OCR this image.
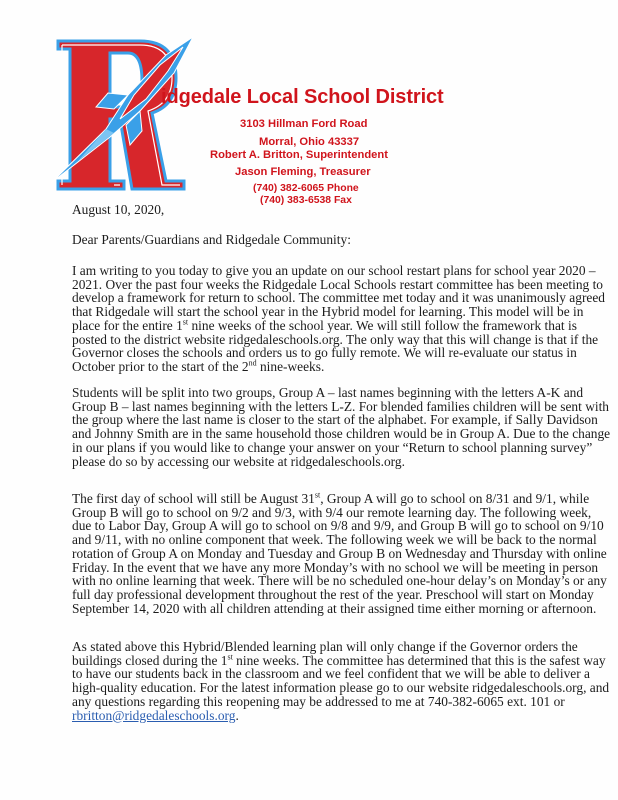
idgedale Local School District
3103 Hillman Ford Road
Morral, Ohio 43337
Robert A. Britton, Superintendent
Jason Fleming, Treasurer
(740) 382-6065 Phone
(740) 383-6538 Fax
August 10, 2020,
Dear Parents/Guardians and Ridgedale Community:

I am writing to you today to give you an update on our school restart plans for school year 2020 – 2021. Over the past four weeks the Ridgedale Local Schools restart committee has been meeting to develop a framework for return to school. The committee met today and it was unanimously agreed that Ridgedale will start the school year in the Hybrid model for learning. This model will be in place for the entire 1st nine weeks of the school year. We will still follow the framework that is posted to the district website ridgedaleschools.org. The only way that this will change is that if the Governor closes the schools and orders us to go fully remote. We will re-evaluate our status in October prior to the start of the 2nd nine-weeks.

Students will be split into two groups, Group A – last names beginning with the letters A-K and Group B – last names beginning with the letters L-Z. For blended families children will be sent with the group where the last name is closer to the start of the alphabet. For example, if Sally Davidson and Johnny Smith are in the same household those children would be in Group A. Due to the change in our plans if you would like to change your answer on your “Return to school planning survey” please do so by accessing our website at ridgedaleschools.org.

The first day of school will still be August 31st, Group A will go to school on 8/31 and 9/1, while Group B will go to school on 9/2 and 9/3, with 9/4 our remote learning day. The following week, due to Labor Day, Group A will go to school on 9/8 and 9/9, and Group B will go to school on 9/10 and 9/11, with no online component that week. The following week we will be back to the normal rotation of Group A on Monday and Tuesday and Group B on Wednesday and Thursday with online Friday. In the event that we have any more Monday’s with no school we will be meeting in person with no online learning that week. There will be no scheduled one-hour delay’s on Monday’s or any full day professional development throughout the rest of the year. Preschool will start on Monday September 14, 2020 with all children attending at their assigned time either morning or afternoon.

As stated above this Hybrid/Blended learning plan will only change if the Governor orders the buildings closed during the 1st nine weeks. The committee has determined that this is the safest way to have our students back in the classroom and we feel confident that we will be able to deliver a high-quality education. For the latest information please go to our website ridgedaleschools.org, and any questions regarding this reopening may be addressed to me at 740-382-6065 ext. 101 or rbritton@ridgedaleschools.org.
